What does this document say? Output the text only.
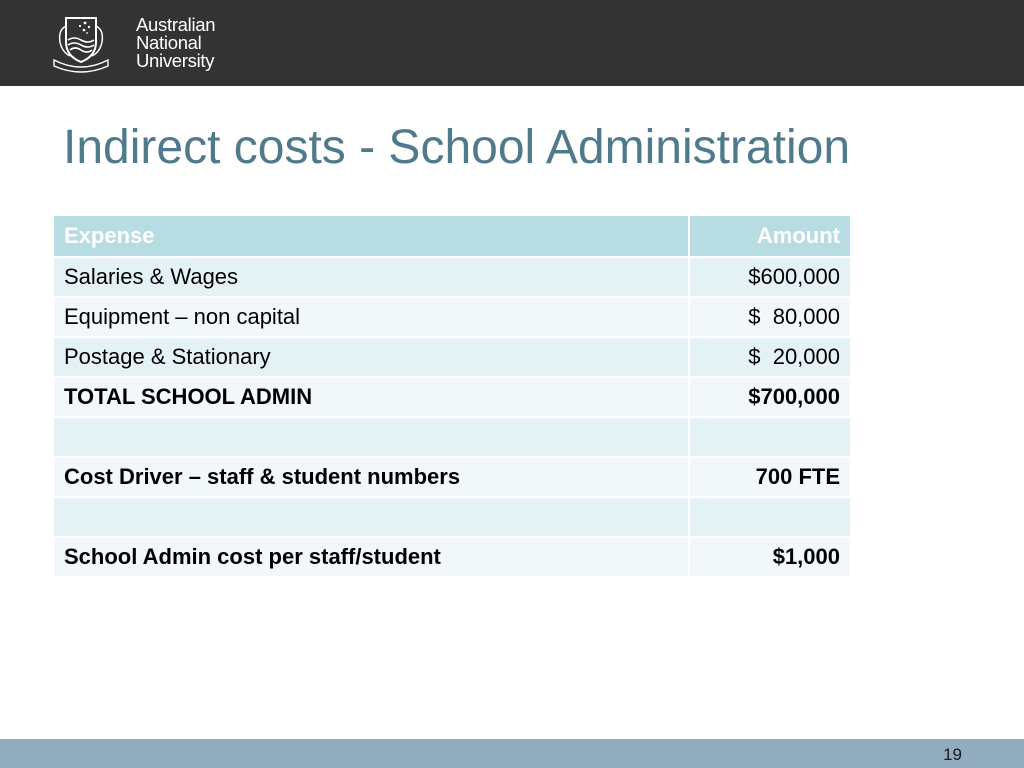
Australian
National
University
Indirect costs - School Administration
Expense	Amount
Salaries & Wages	$600,000
Equipment – non capital	$  80,000
Postage & Stationary	$  20,000
TOTAL SCHOOL ADMIN	$700,000

Cost Driver – staff & student numbers	700 FTE

School Admin cost per staff/student	$1,000
19
